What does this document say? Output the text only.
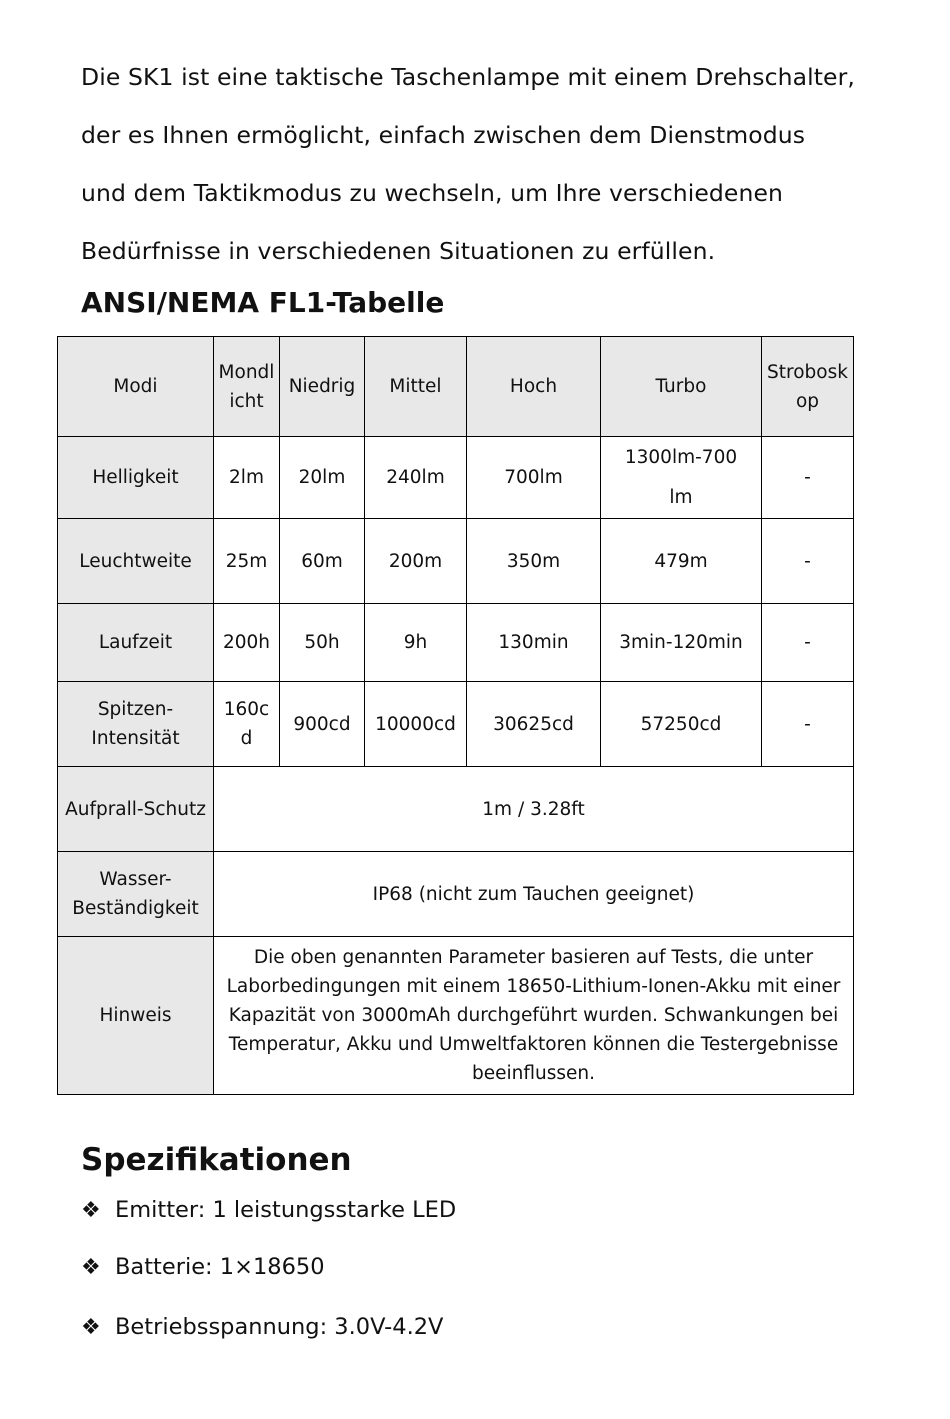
Die SK1 ist eine taktische Taschenlampe mit einem Drehschalter,
der es Ihnen ermöglicht, einfach zwischen dem Dienstmodus
und dem Taktikmodus zu wechseln, um Ihre verschiedenen
Bedürfnisse in verschiedenen Situationen zu erfüllen.
ANSI/NEMA FL1-Tabelle
Modi	Mondlicht	Niedrig	Mittel	Hoch	Turbo	Stroboskop
Helligkeit	2lm	20lm	240lm	700lm	1300lm-700lm	-
Leuchtweite	25m	60m	200m	350m	479m	-
Laufzeit	200h	50h	9h	130min	3min-120min	-
Spitzen-Intensität	160cd	900cd	10000cd	30625cd	57250cd	-
Aufprall-Schutz	1m / 3.28ft					
Wasser-Beständigkeit	IP68 (nicht zum Tauchen geeignet)					
Hinweis	Die oben genannten Parameter basieren auf Tests, die unter Laborbedingungen mit einem 18650-Lithium-Ionen-Akku mit einer Kapazität von 3000mAh durchgeführt wurden. Schwankungen bei Temperatur, Akku und Umweltfaktoren können die Testergebnisse beeinflussen.					
Spezifikationen
❖ Emitter: 1 leistungsstarke LED
❖ Batterie: 1×18650
❖ Betriebsspannung: 3.0V-4.2V
